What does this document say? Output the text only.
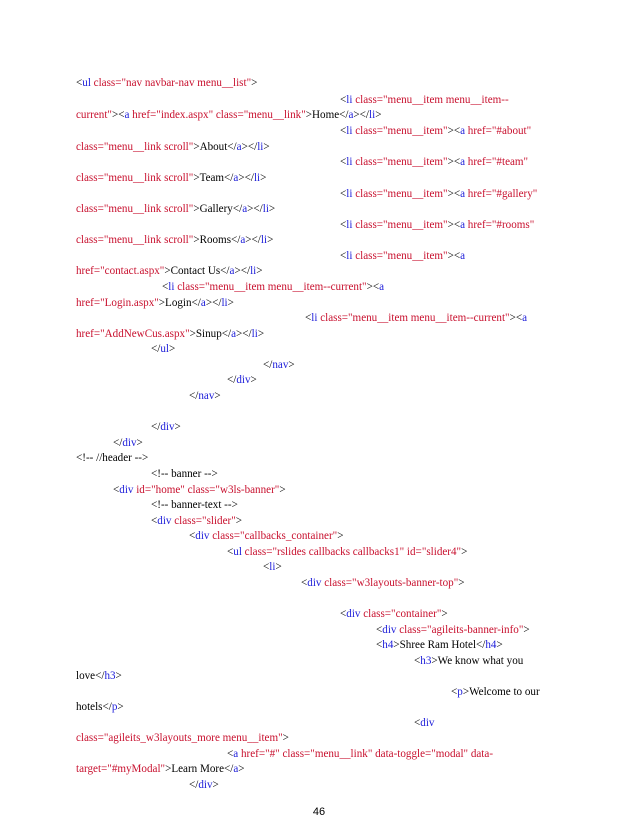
<ul class="nav navbar-nav menu__list">

<li class="menu__item menu__item--

current"><a href="index.aspx" class="menu__link">Home</a></li>

<li class="menu__item"><a href="#about"

class="menu__link scroll">About</a></li>

<li class="menu__item"><a href="#team"

class="menu__link scroll">Team</a></li>

<li class="menu__item"><a href="#gallery"

class="menu__link scroll">Gallery</a></li>

<li class="menu__item"><a href="#rooms"

class="menu__link scroll">Rooms</a></li>

<li class="menu__item"><a

href="contact.aspx">Contact Us</a></li>

<li class="menu__item menu__item--current"><a

href="Login.aspx">Login</a></li>

<li class="menu__item menu__item--current"><a

href="AddNewCus.aspx">Sinup</a></li>

</ul>

</nav>

</div>

</nav>

</div>

</div>

<!-- //header -->

<!-- banner -->

<div id="home" class="w3ls-banner">

<!-- banner-text -->

<div class="slider">

<div class="callbacks_container">

<ul class="rslides callbacks callbacks1" id="slider4">

<li>

<div class="w3layouts-banner-top">

<div class="container">

<div class="agileits-banner-info">

<h4>Shree Ram Hotel</h4>

<h3>We know what you

love</h3>

<p>Welcome to our

hotels</p>

<div

class="agileits_w3layouts_more menu__item">

<a href="#" class="menu__link" data-toggle="modal" data-

target="#myModal">Learn More</a>

</div>

46
